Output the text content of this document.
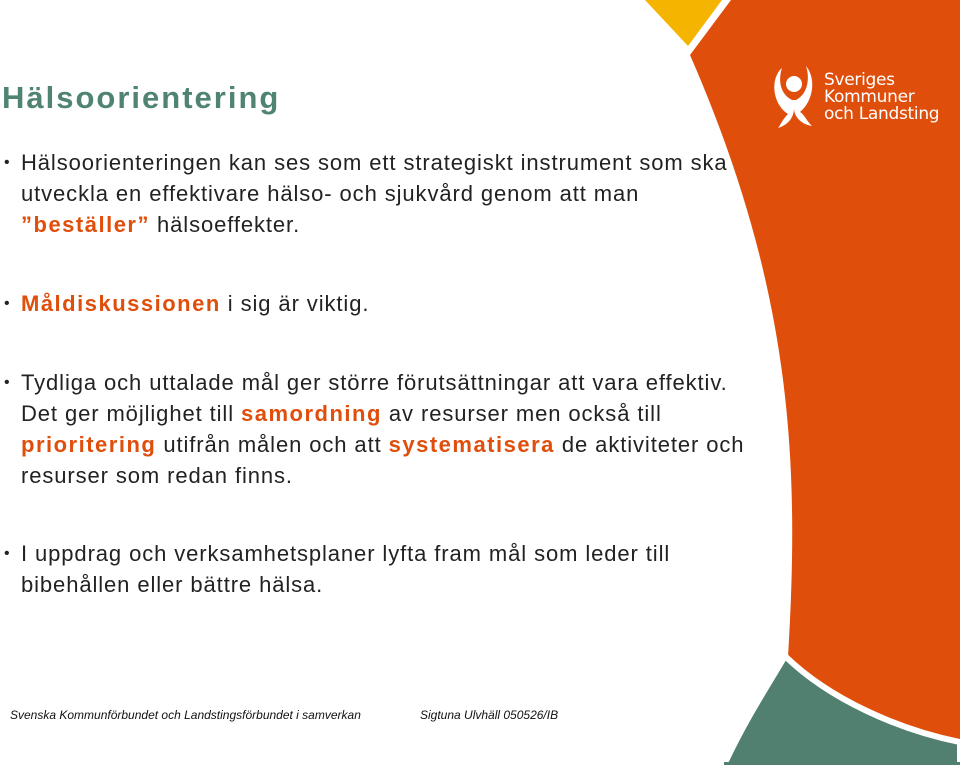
Sveriges
Kommuner
och Landsting
Hälsoorientering
• Hälsoorienteringen kan ses som ett strategiskt instrument som ska utveckla en effektivare hälso- och sjukvård genom att man ”beställer” hälsoeffekter.
• Måldiskussionen i sig är viktig.
• Tydliga och uttalade mål ger större förutsättningar att vara effektiv. Det ger möjlighet till samordning av resurser men också till prioritering utifrån målen och att systematisera de aktiviteter och resurser som redan finns.
• I uppdrag och verksamhetsplaner lyfta fram mål som leder till bibehållen eller bättre hälsa.
Svenska Kommunförbundet och Landstingsförbundet i samverkan	Sigtuna Ulvhäll 050526/IB
